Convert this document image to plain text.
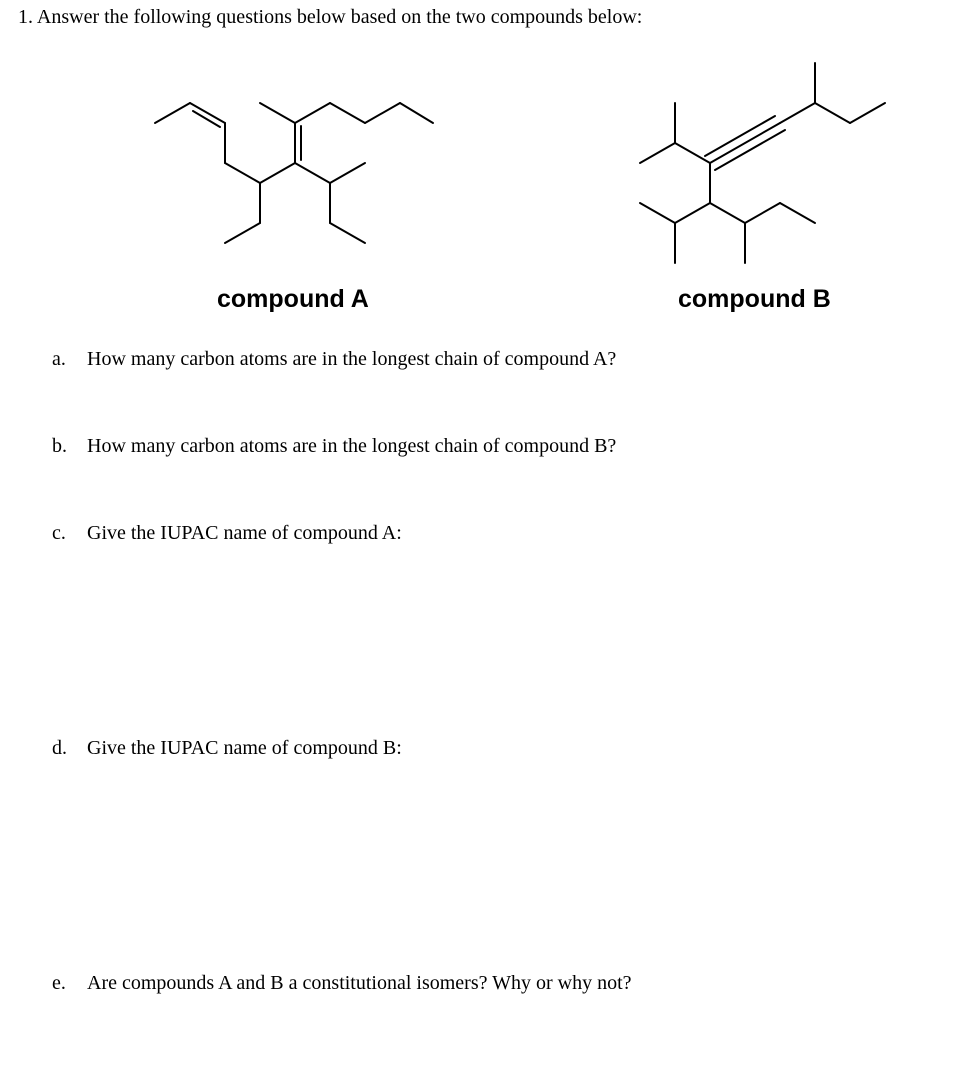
1. Answer the following questions below based on the two compounds below:
compound A	compound B
a. How many carbon atoms are in the longest chain of compound A?
b. How many carbon atoms are in the longest chain of compound B?
c. Give the IUPAC name of compound A:
d. Give the IUPAC name of compound B:
e. Are compounds A and B a constitutional isomers? Why or why not?
